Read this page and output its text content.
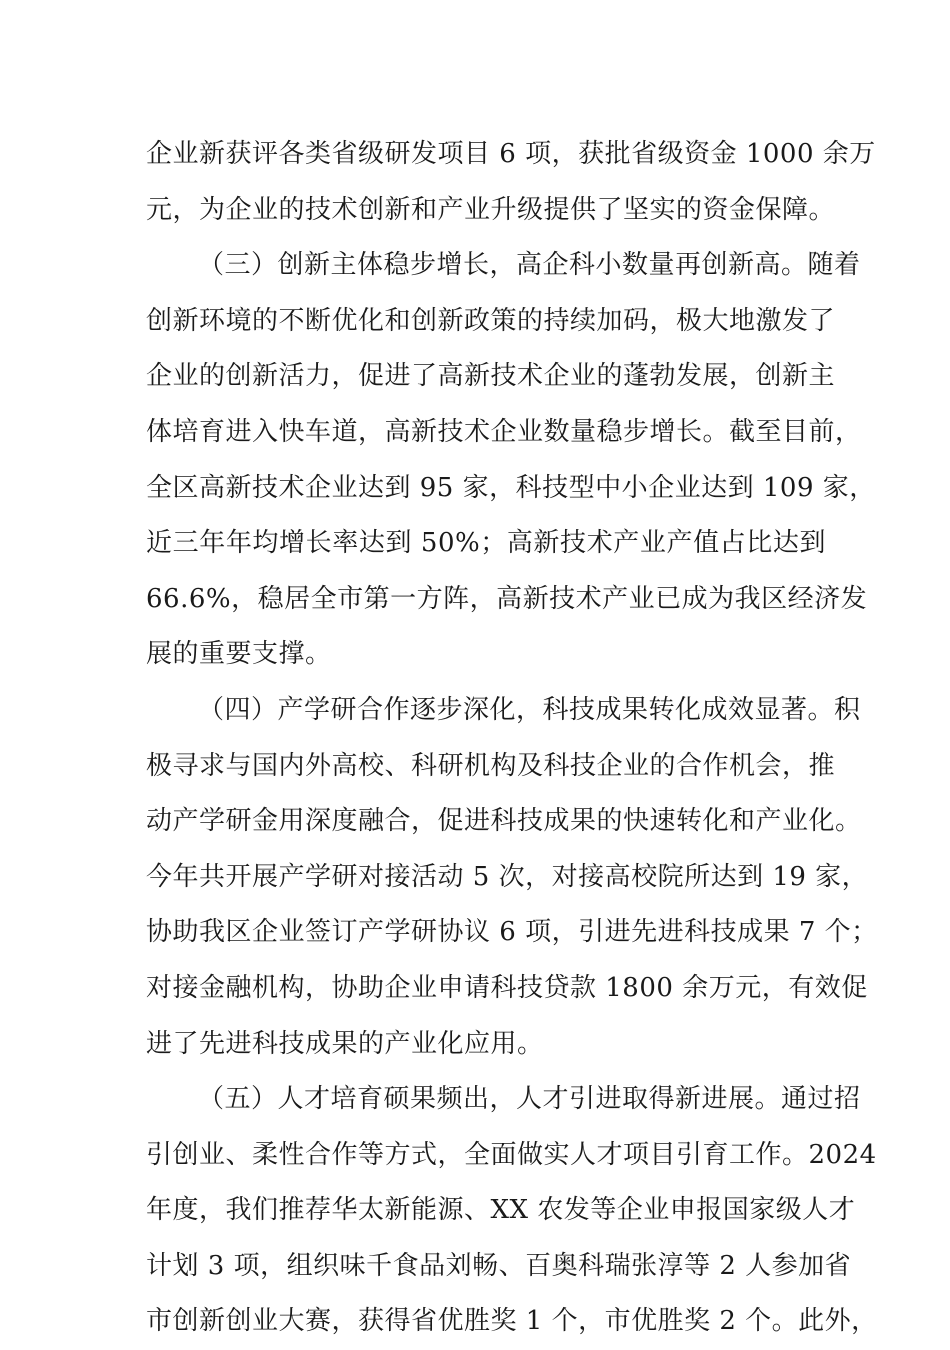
企业新获评各类省级研发项目 6 项，获批省级资金 1000 余万
元，为企业的技术创新和产业升级提供了坚实的资金保障。
（三）创新主体稳步增长，高企科小数量再创新高。随着
创新环境的不断优化和创新政策的持续加码，极大地激发了
企业的创新活力，促进了高新技术企业的蓬勃发展，创新主
体培育进入快车道，高新技术企业数量稳步增长。截至目前，
全区高新技术企业达到 95 家，科技型中小企业达到 109 家，
近三年年均增长率达到 50%；高新技术产业产值占比达到
66.6%，稳居全市第一方阵，高新技术产业已成为我区经济发
展的重要支撑。
（四）产学研合作逐步深化，科技成果转化成效显著。积
极寻求与国内外高校、科研机构及科技企业的合作机会，推
动产学研金用深度融合，促进科技成果的快速转化和产业化。
今年共开展产学研对接活动 5 次，对接高校院所达到 19 家，
协助我区企业签订产学研协议 6 项，引进先进科技成果 7 个；
对接金融机构，协助企业申请科技贷款 1800 余万元，有效促
进了先进科技成果的产业化应用。
（五）人才培育硕果频出，人才引进取得新进展。通过招
引创业、柔性合作等方式，全面做实人才项目引育工作。2024
年度，我们推荐华太新能源、XX 农发等企业申报国家级人才
计划 3 项，组织味千食品刘畅、百奥科瑞张淳等 2 人参加省
市创新创业大赛，获得省优胜奖 1 个，市优胜奖 2 个。此外，
